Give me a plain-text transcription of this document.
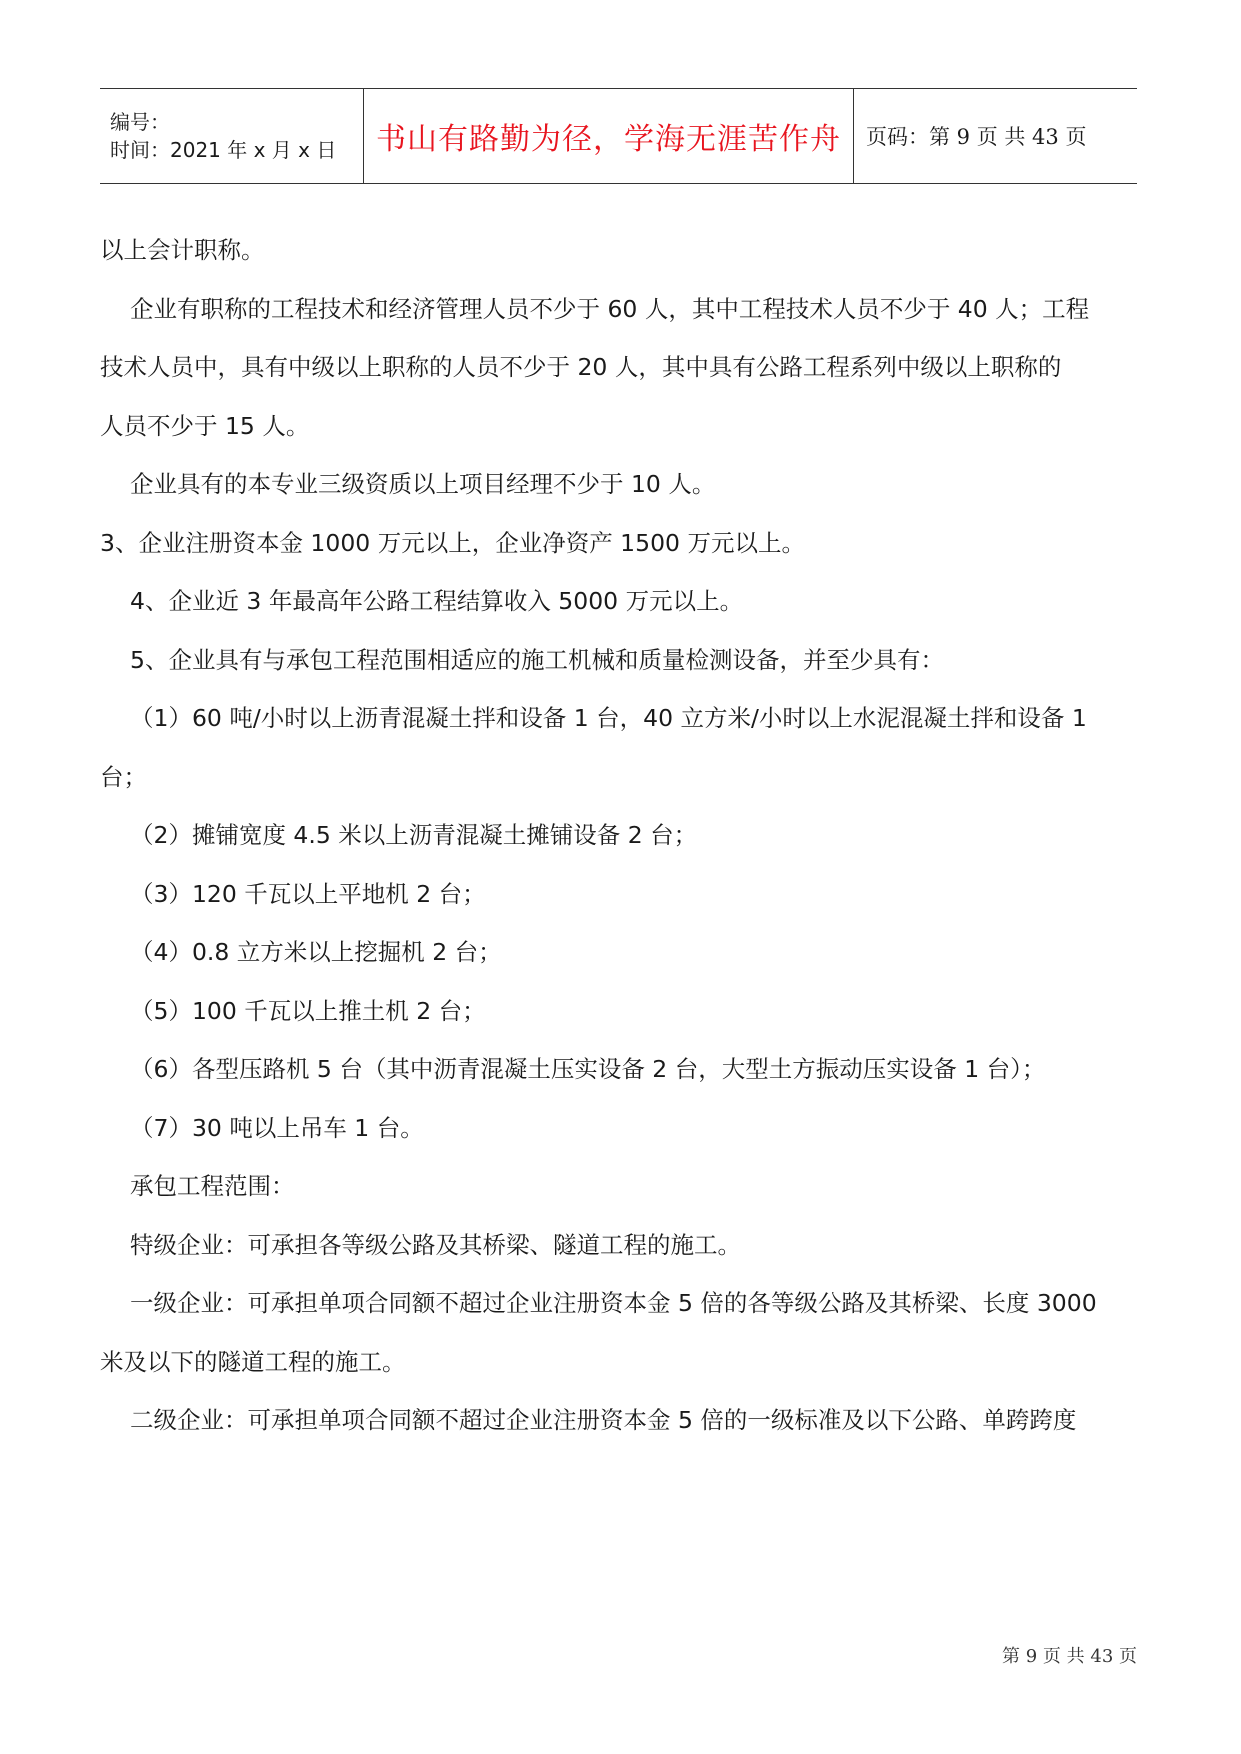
编号：
时间：2021 年 x 月 x 日	书山有路勤为径，学海无涯苦作舟 页码：第 9 页 共 43 页
以上会计职称。
企业有职称的工程技术和经济管理人员不少于 60 人，其中工程技术人员不少于 40 人；工程
技术人员中，具有中级以上职称的人员不少于 20 人，其中具有公路工程系列中级以上职称的
人员不少于 15 人。
企业具有的本专业三级资质以上项目经理不少于 10 人。
3、企业注册资本金 1000 万元以上，企业净资产 1500 万元以上。
4、企业近 3 年最高年公路工程结算收入 5000 万元以上。
5、企业具有与承包工程范围相适应的施工机械和质量检测设备，并至少具有：
（1）60 吨/小时以上沥青混凝土拌和设备 1 台，40 立方米/小时以上水泥混凝土拌和设备 1
台；
（2）摊铺宽度 4.5 米以上沥青混凝土摊铺设备 2 台；
（3）120 千瓦以上平地机 2 台；
（4）0.8 立方米以上挖掘机 2 台；
（5）100 千瓦以上推土机 2 台；
（6）各型压路机 5 台（其中沥青混凝土压实设备 2 台，大型土方振动压实设备 1 台）；
（7）30 吨以上吊车 1 台。
承包工程范围：
特级企业：可承担各等级公路及其桥梁、隧道工程的施工。
一级企业：可承担单项合同额不超过企业注册资本金 5 倍的各等级公路及其桥梁、长度 3000
米及以下的隧道工程的施工。
二级企业：可承担单项合同额不超过企业注册资本金 5 倍的一级标准及以下公路、单跨跨度
第 9 页 共 43 页
